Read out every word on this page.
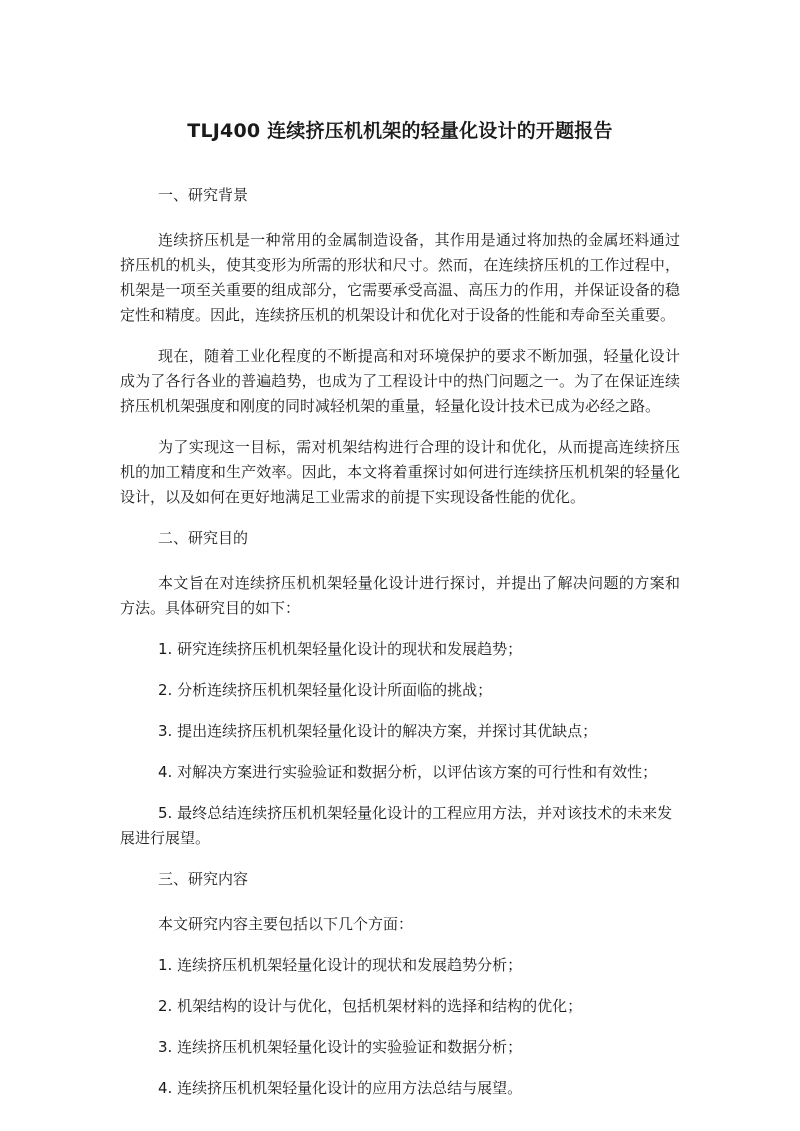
TLJ400 连续挤压机机架的轻量化设计的开题报告
一、研究背景

连续挤压机是一种常用的金属制造设备，其作用是通过将加热的金属坯料通过挤压机的机头，使其变形为所需的形状和尺寸。然而，在连续挤压机的工作过程中，机架是一项至关重要的组成部分，它需要承受高温、高压力的作用，并保证设备的稳定性和精度。因此，连续挤压机的机架设计和优化对于设备的性能和寿命至关重要。

现在，随着工业化程度的不断提高和对环境保护的要求不断加强，轻量化设计成为了各行各业的普遍趋势，也成为了工程设计中的热门问题之一。为了在保证连续挤压机机架强度和刚度的同时减轻机架的重量，轻量化设计技术已成为必经之路。

为了实现这一目标，需对机架结构进行合理的设计和优化，从而提高连续挤压机的加工精度和生产效率。因此，本文将着重探讨如何进行连续挤压机机架的轻量化设计，以及如何在更好地满足工业需求的前提下实现设备性能的优化。

二、研究目的

本文旨在对连续挤压机机架轻量化设计进行探讨，并提出了解决问题的方案和方法。具体研究目的如下：

1. 研究连续挤压机机架轻量化设计的现状和发展趋势；

2. 分析连续挤压机机架轻量化设计所面临的挑战；

3. 提出连续挤压机机架轻量化设计的解决方案，并探讨其优缺点；

4. 对解决方案进行实验验证和数据分析，以评估该方案的可行性和有效性；

5. 最终总结连续挤压机机架轻量化设计的工程应用方法，并对该技术的未来发展进行展望。

三、研究内容

本文研究内容主要包括以下几个方面：

1. 连续挤压机机架轻量化设计的现状和发展趋势分析；

2. 机架结构的设计与优化，包括机架材料的选择和结构的优化；

3. 连续挤压机机架轻量化设计的实验验证和数据分析；

4. 连续挤压机机架轻量化设计的应用方法总结与展望。
